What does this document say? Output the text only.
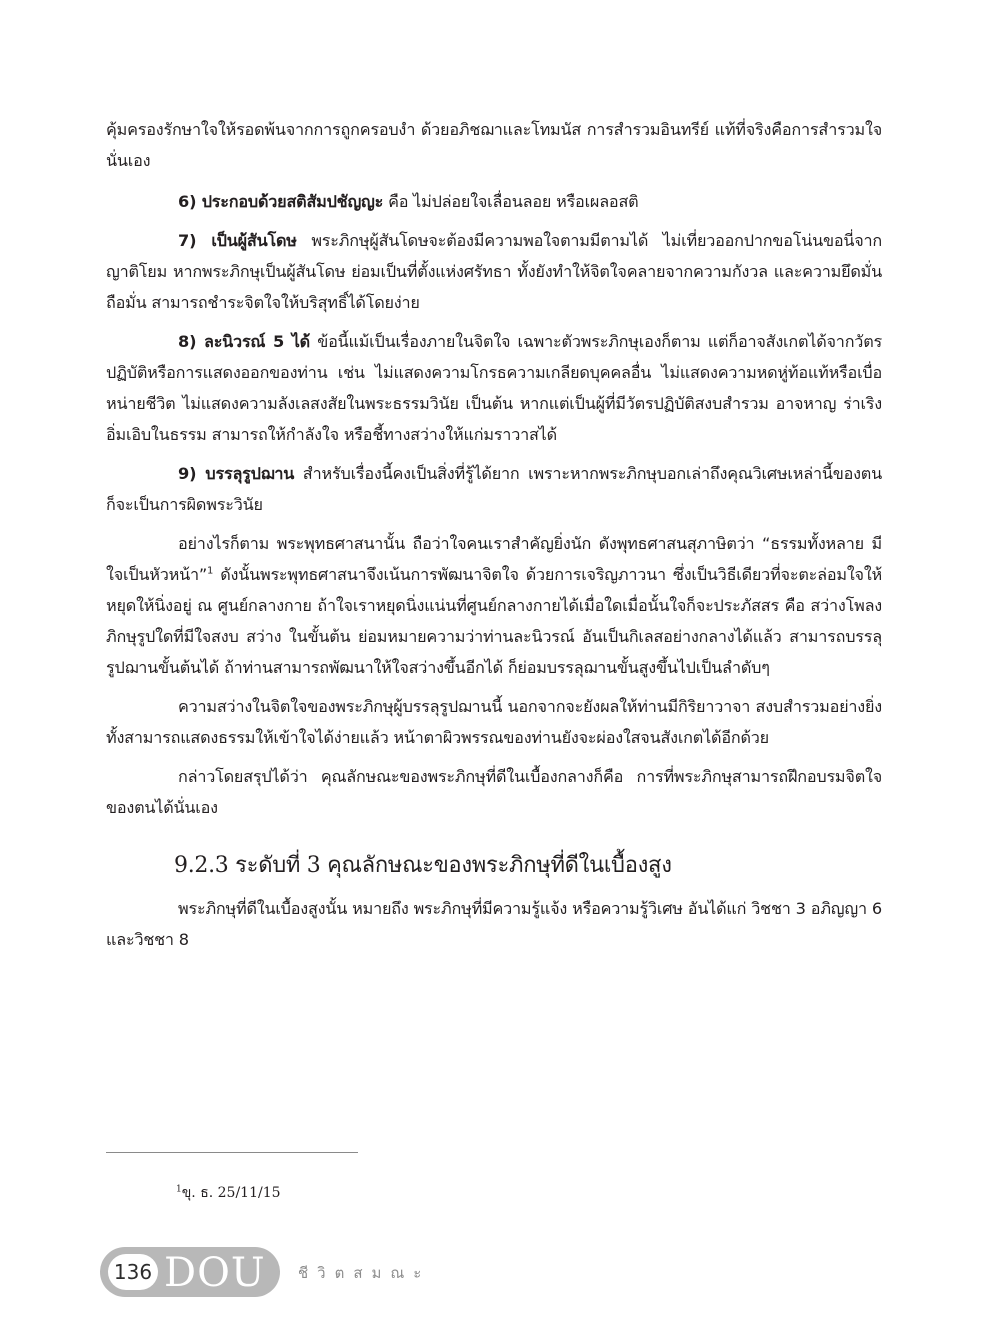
คุ้มครองรักษาใจให้รอดพ้นจากการถูกครอบงำ ด้วยอภิชฌาและโทมนัส การสำรวมอินทรีย์ แท้ที่จริงคือการสำรวมใจนั่นเอง

6) ประกอบด้วยสติสัมปชัญญะ คือ ไม่ปล่อยใจเลื่อนลอย หรือเผลอสติ

7) เป็นผู้สันโดษ พระภิกษุผู้สันโดษจะต้องมีความพอใจตามมีตามได้ ไม่เที่ยวออกปากขอโน่นขอนี่จากญาติโยม หากพระภิกษุเป็นผู้สันโดษ ย่อมเป็นที่ตั้งแห่งศรัทธา ทั้งยังทำให้จิตใจคลายจากความกังวล และความยึดมั่นถือมั่น สามารถชำระจิตใจให้บริสุทธิ์ได้โดยง่าย

8) ละนิวรณ์ 5 ได้ ข้อนี้แม้เป็นเรื่องภายในจิตใจ เฉพาะตัวพระภิกษุเองก็ตาม แต่ก็อาจสังเกตได้จากวัตรปฏิบัติหรือการแสดงออกของท่าน เช่น ไม่แสดงความโกรธความเกลียดบุคคลอื่น ไม่แสดงความหดหู่ท้อแท้หรือเบื่อหน่ายชีวิต ไม่แสดงความลังเลสงสัยในพระธรรมวินัย เป็นต้น หากแต่เป็นผู้ที่มีวัตรปฏิบัติสงบสำรวม อาจหาญ ร่าเริง อิ่มเอิบในธรรม สามารถให้กำลังใจ หรือชี้ทางสว่างให้แก่มราวาสได้

9) บรรลุรูปฌาน สำหรับเรื่องนี้คงเป็นสิ่งที่รู้ได้ยาก เพราะหากพระภิกษุบอกเล่าถึงคุณวิเศษเหล่านี้ของตน ก็จะเป็นการผิดพระวินัย

อย่างไรก็ตาม พระพุทธศาสนานั้น ถือว่าใจคนเราสำคัญยิ่งนัก ดังพุทธศาสนสุภาษิตว่า “ธรรมทั้งหลาย มีใจเป็นหัวหน้า”$^1$ ดังนั้นพระพุทธศาสนาจึงเน้นการพัฒนาจิตใจ ด้วยการเจริญภาวนา ซึ่งเป็นวิธีเดียวที่จะตะล่อมใจให้หยุดให้นิ่งอยู่ ณ ศูนย์กลางกาย ถ้าใจเราหยุดนิ่งแน่นที่ศูนย์กลางกายได้เมื่อใดเมื่อนั้นใจก็จะประภัสสร คือ สว่างโพลง ภิกษุรูปใดที่มีใจสงบ สว่าง ในขั้นต้น ย่อมหมายความว่าท่านละนิวรณ์ อันเป็นกิเลสอย่างกลางได้แล้ว สามารถบรรลุรูปฌานขั้นต้นได้ ถ้าท่านสามารถพัฒนาให้ใจสว่างขึ้นอีกได้ ก็ย่อมบรรลุฌานขั้นสูงขึ้นไปเป็นลำดับๆ

ความสว่างในจิตใจของพระภิกษุผู้บรรลุรูปฌานนี้ นอกจากจะยังผลให้ท่านมีกิริยาวาจา สงบสำรวมอย่างยิ่ง ทั้งสามารถแสดงธรรมให้เข้าใจได้ง่ายแล้ว หน้าตาผิวพรรณของท่านยังจะผ่องใสจนสังเกตได้อีกด้วย

กล่าวโดยสรุปได้ว่า คุณลักษณะของพระภิกษุที่ดีในเบื้องกลางก็คือ การที่พระภิกษุสามารถฝึกอบรมจิตใจของตนได้นั่นเอง

9.2.3 ระดับที่ 3 คุณลักษณะของพระภิกษุที่ดีในเบื้องสูง

พระภิกษุที่ดีในเบื้องสูงนั้น หมายถึง พระภิกษุที่มีความรู้แจ้ง หรือความรู้วิเศษ อันได้แก่ วิชชา 3 อภิญญา 6 และวิชชา 8

$^1$ขุ. ธ. 25/11/15
136 DOU ชีวิตสมณะ
